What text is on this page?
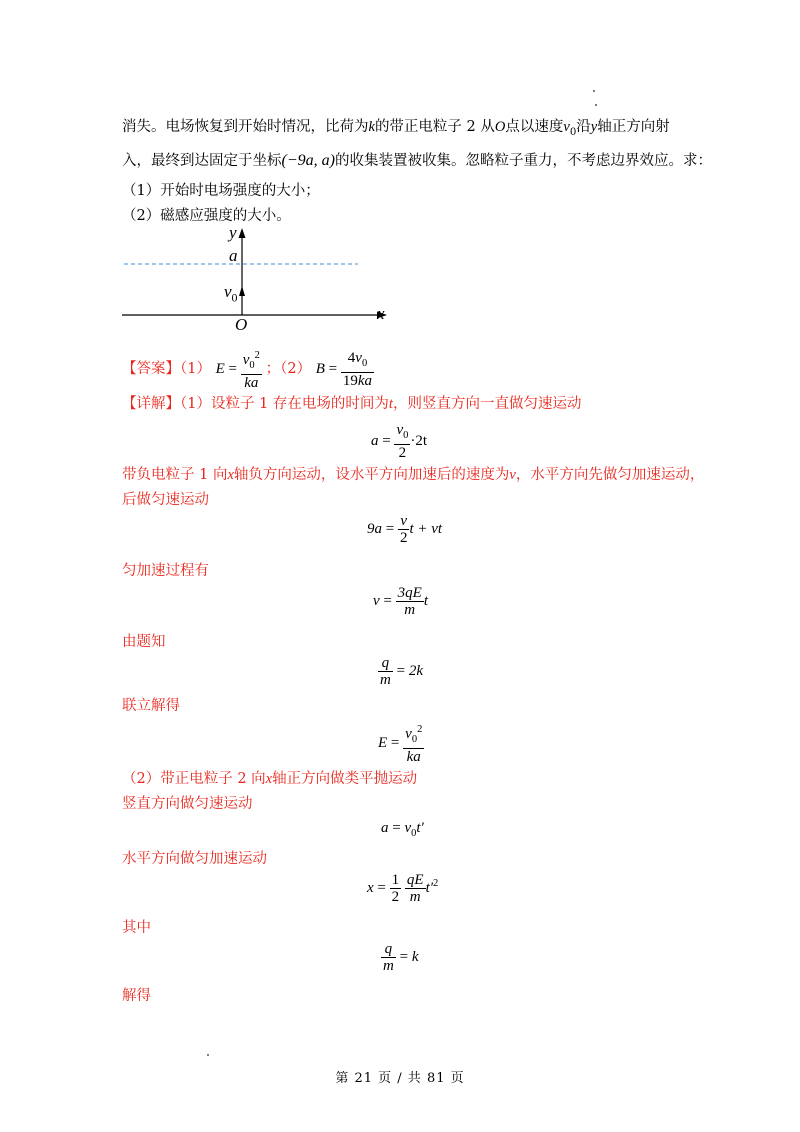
消失。电场恢复到开始时情况，比荷为k的带正电粒子 2 从O点以速度$v_0$沿y轴正方向射
入，最终到达固定于坐标(−9a, a)的收集装置被收集。忽略粒子重力，不考虑边界效应。求：
（1）开始时电场强度的大小；
（2）磁感应强度的大小。
y
x
a
$v_0$
O
【答案】（1） $E = \frac{v_0^2}{ka}$ ；（2） $B = \frac{4v_0}{19ka}$
【详解】（1）设粒子 1 存在电场的时间为t，则竖直方向一直做匀速运动
$a = \frac{v_0}{2} \cdot 2t$
带负电粒子 1 向x轴负方向运动，设水平方向加速后的速度为v，水平方向先做匀加速运动，
后做匀速运动
$9a = \frac{v}{2}$ t + vt
匀加速过程有
$v = \frac{3qE}{m}$ t
由题知
$\frac{q}{m} = 2k$
联立解得
$E = \frac{v_0^2}{ka}$
（2）带正电粒子 2 向x轴正方向做类平抛运动
竖直方向做匀速运动
$a = v_0t'$
水平方向做匀加速运动
$x = \frac{1}{2}$
$\frac{qE}{m} t'^2$
其中
$\frac{q}{m} = k$
解得
第 21 页 / 共 81 页
